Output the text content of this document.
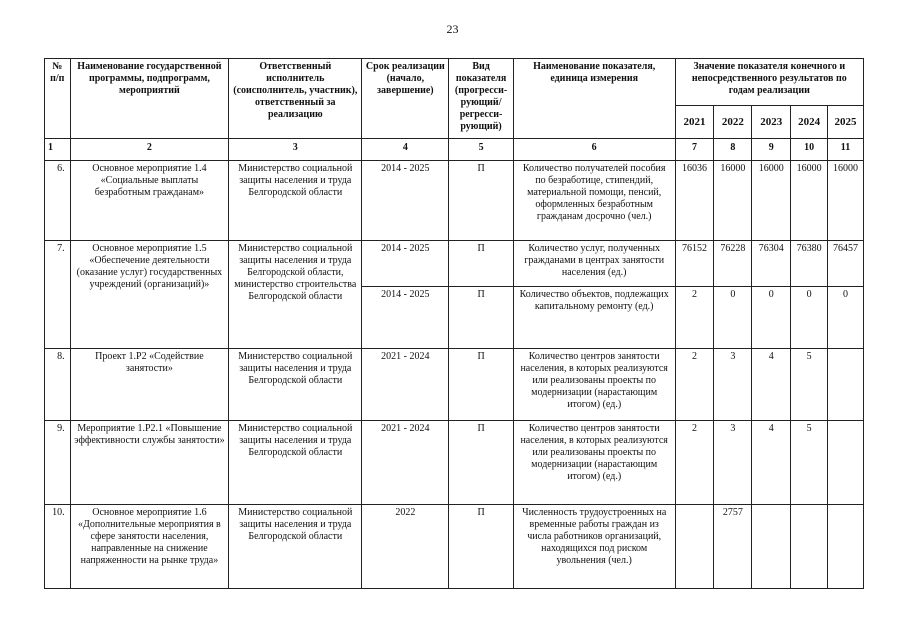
23
№ п/п	Наименование государственной программы, подпрограмм, мероприятий	Ответственный исполнитель (соисполнитель, участник), ответственный за реализацию	Срок реализации (начало, завершение)	Вид показателя (прогресси-рующий/ регресси-рующий)	Наименование показателя, единица измерения	Значение показателя конечного и непосредственного результатов по годам реализации				
						2021	2022	2023	2024	2025
1	2	3	4	5	6	7	8	9	10	11
6.	Основное мероприятие 1.4 «Социальные выплаты безработным гражданам»	Министерство социальной защиты населения и труда Белгородской области	2014 - 2025	П	Количество получателей пособия по безработице, стипендий, материальной помощи, пенсий, оформленных безработным гражданам досрочно (чел.)	16036	16000	16000	16000	16000
7.	Основное мероприятие 1.5 «Обеспечение деятельности (оказание услуг) государственных учреждений (организаций)»	Министерство социальной защиты населения и труда Белгородской области, министерство строительства Белгородской области	2014 - 2025	П	Количество услуг, полученных гражданами в центрах занятости населения (ед.)	76152	76228	76304	76380	76457
			2014 - 2025	П	Количество объектов, подлежащих капитальному ремонту (ед.)	2	0	0	0	0
8.	Проект 1.Р2 «Содействие занятости»	Министерство социальной защиты населения и труда Белгородской области	2021 - 2024	П	Количество центров занятости населения, в которых реализуются или реализованы проекты по модернизации (нарастающим итогом) (ед.)	2	3	4	5	
9.	Мероприятие 1.Р2.1 «Повышение эффективности службы занятости»	Министерство социальной защиты населения и труда Белгородской области	2021 - 2024	П	Количество центров занятости населения, в которых реализуются или реализованы проекты по модернизации (нарастающим итогом) (ед.)	2	3	4	5	
10.	Основное мероприятие 1.6 «Дополнительные мероприятия в сфере занятости населения, направленные на снижение напряженности на рынке труда»	Министерство социальной защиты населения и труда Белгородской области	2022	П	Численность трудоустроенных на временные работы граждан из числа работников организаций, находящихся под риском увольнения (чел.)		2757			
